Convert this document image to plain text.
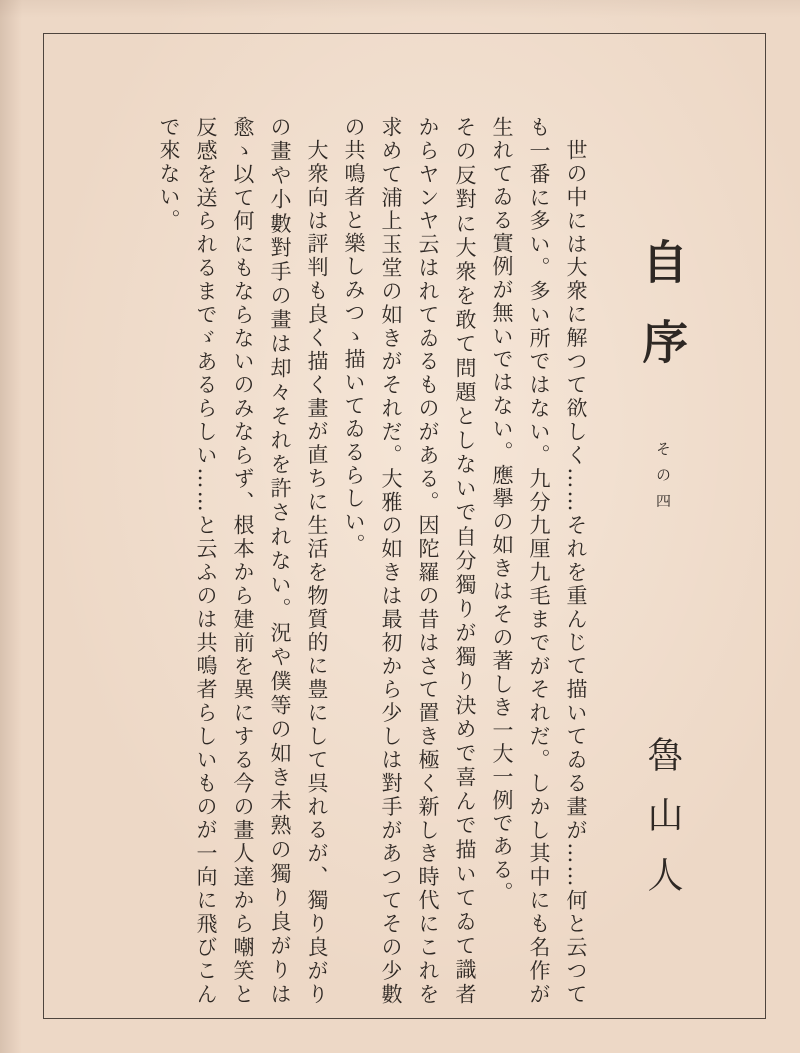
自序
その四
魯山人
世の中には大衆に解つて欲しく……それを重んじて描いてゐる畫が……何と云つて
も一番に多い。多い所ではない。九分九厘九毛までがそれだ。しかし其中にも名作が
生れてゐる實例が無いではない。應擧の如きはその著しき一大一例である。
その反對に大衆を敢て問題としないで自分獨りが獨り決めで喜んで描いてゐて識者
からヤンヤ云はれてゐるものがある。因陀羅の昔はさて置き極く新しき時代にこれを
求めて浦上玉堂の如きがそれだ。大雅の如きは最初から少しは對手があつてその少數
の共鳴者と樂しみつゝ描いてゐるらしい。
大衆向は評判も良く描く畫が直ちに生活を物質的に豊にして呉れるが、獨り良がり
の畫や小數對手の畫は却々それを許されない。況や僕等の如き未熟の獨り良がりは
愈ゝ以て何にもならないのみならず、根本から建前を異にする今の畫人達から嘲笑と
反感を送られるまでゞあるらしい……と云ふのは共鳴者らしいものが一向に飛びこん
で來ない。
